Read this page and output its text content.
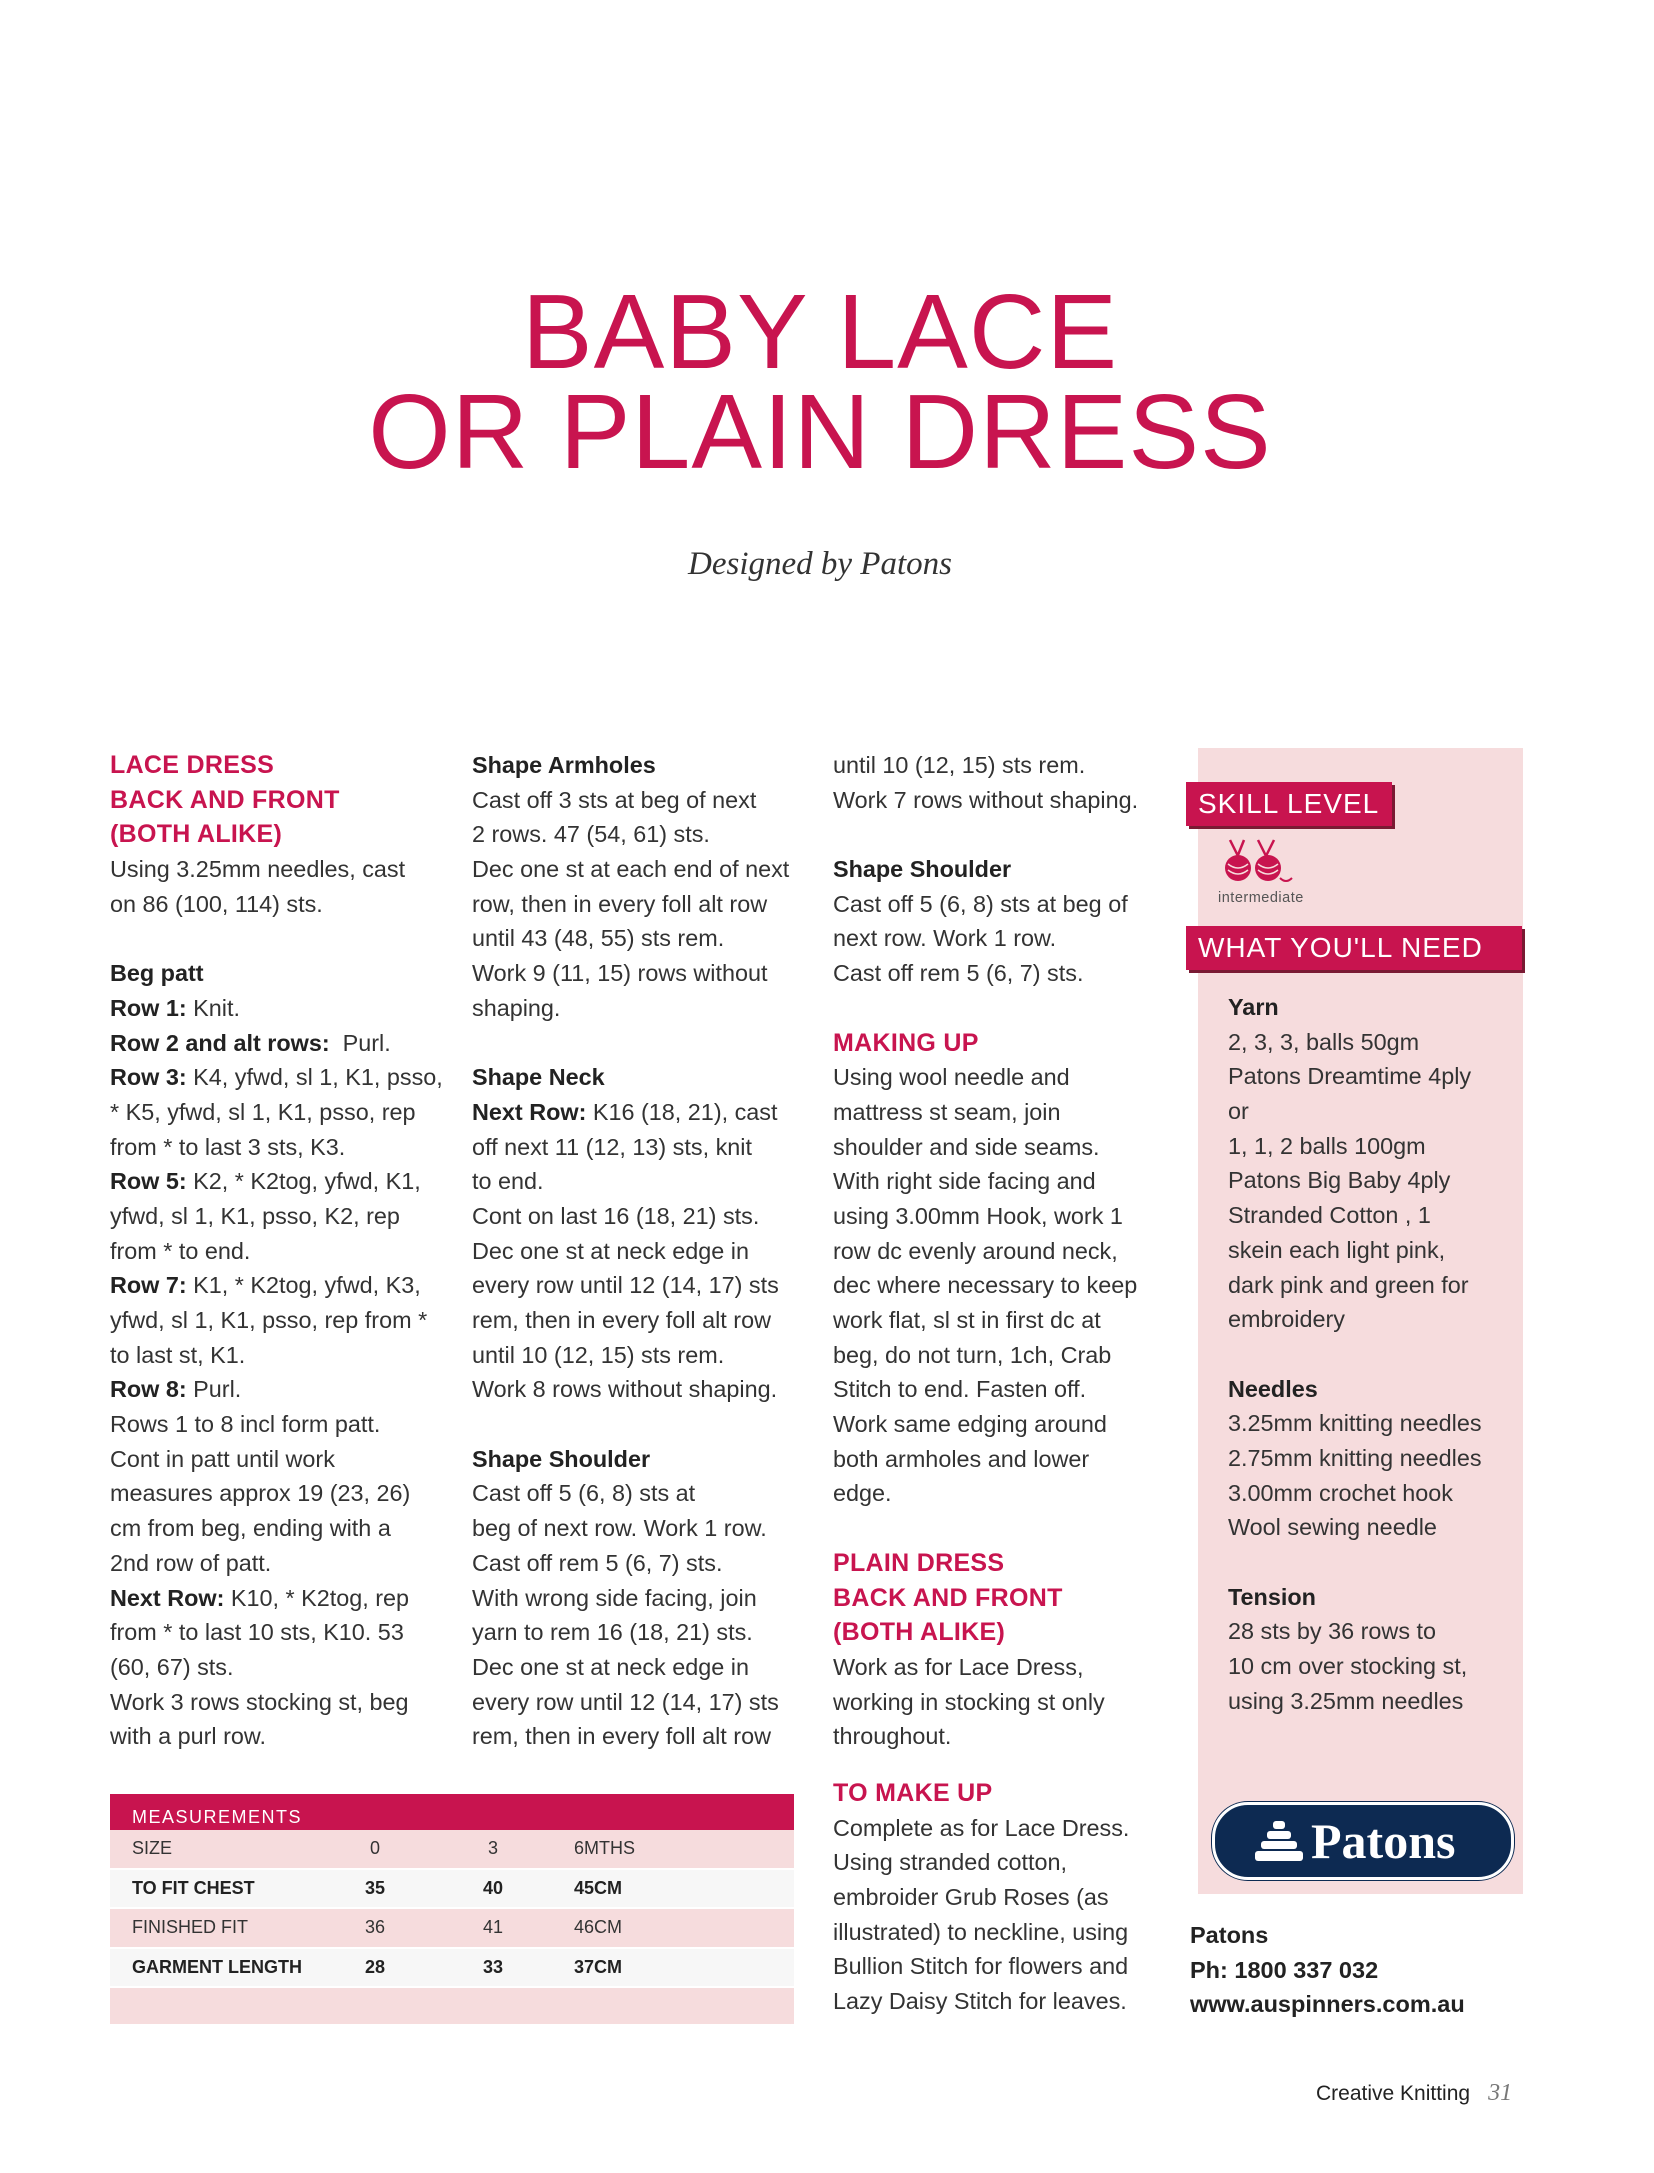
BABY LACE
OR PLAIN DRESS
Designed by Patons
LACE DRESS
BACK AND FRONT
(BOTH ALIKE)
Using 3.25mm needles, cast
on 86 (100, 114) sts.
Beg patt
Row 1: Knit.
Row 2 and alt rows:  Purl.
Row 3: K4, yfwd, sl 1, K1, psso,
* K5, yfwd, sl 1, K1, psso, rep
from * to last 3 sts, K3.
Row 5: K2, * K2tog, yfwd, K1,
yfwd, sl 1, K1, psso, K2, rep
from * to end.
Row 7: K1, * K2tog, yfwd, K3,
yfwd, sl 1, K1, psso, rep from *
to last st, K1.
Row 8: Purl.
Rows 1 to 8 incl form patt.
Cont in patt until work
measures approx 19 (23, 26)
cm from beg, ending with a
2nd row of patt.
Next Row: K10, * K2tog, rep
from * to last 10 sts, K10. 53
(60, 67) sts.
Work 3 rows stocking st, beg
with a purl row.
Shape Armholes
Cast off 3 sts at beg of next
2 rows. 47 (54, 61) sts.
Dec one st at each end of next
row, then in every foll alt row
until 43 (48, 55) sts rem.
Work 9 (11, 15) rows without
shaping.
Shape Neck
Next Row: K16 (18, 21), cast
off next 11 (12, 13) sts, knit
to end.
Cont on last 16 (18, 21) sts.
Dec one st at neck edge in
every row until 12 (14, 17) sts
rem, then in every foll alt row
until 10 (12, 15) sts rem.
Work 8 rows without shaping.
Shape Shoulder
Cast off 5 (6, 8) sts at
beg of next row. Work 1 row.
Cast off rem 5 (6, 7) sts.
With wrong side facing, join
yarn to rem 16 (18, 21) sts.
Dec one st at neck edge in
every row until 12 (14, 17) sts
rem, then in every foll alt row
until 10 (12, 15) sts rem.
Work 7 rows without shaping.
Shape Shoulder
Cast off 5 (6, 8) sts at beg of
next row. Work 1 row.
Cast off rem 5 (6, 7) sts.
MAKING UP
Using wool needle and
mattress st seam, join
shoulder and side seams.
With right side facing and
using 3.00mm Hook, work 1
row dc evenly around neck,
dec where necessary to keep
work flat, sl st in first dc at
beg, do not turn, 1ch, Crab
Stitch to end. Fasten off.
Work same edging around
both armholes and lower
edge.
PLAIN DRESS
BACK AND FRONT
(BOTH ALIKE)
Work as for Lace Dress,
working in stocking st only
throughout.
SKILL LEVEL
intermediate
WHAT YOU'LL NEED
Yarn
2, 3, 3, balls 50gm
Patons Dreamtime 4ply
or
1, 1, 2 balls 100gm
Patons Big Baby 4ply
Stranded Cotton , 1
skein each light pink,
dark pink and green for
embroidery
Needles
3.25mm knitting needles
2.75mm knitting needles
3.00mm crochet hook
Wool sewing needle
Tension
28 sts by 36 rows to
10 cm over stocking st,
using 3.25mm needles
Patons
Patons
Ph: 1800 337 032
www.auspinners.com.au
MEASUREMENTS
SIZE	0	3	6MTHS
TO FIT CHEST	35	40	45CM
FINISHED FIT	36	41	46CM
GARMENT LENGTH	28	33	37CM
TO MAKE UP
Complete as for Lace Dress.
Using stranded cotton,
embroider Grub Roses (as
illustrated) to neckline, using
Bullion Stitch for flowers and
Lazy Daisy Stitch for leaves.
Creative Knitting 31
